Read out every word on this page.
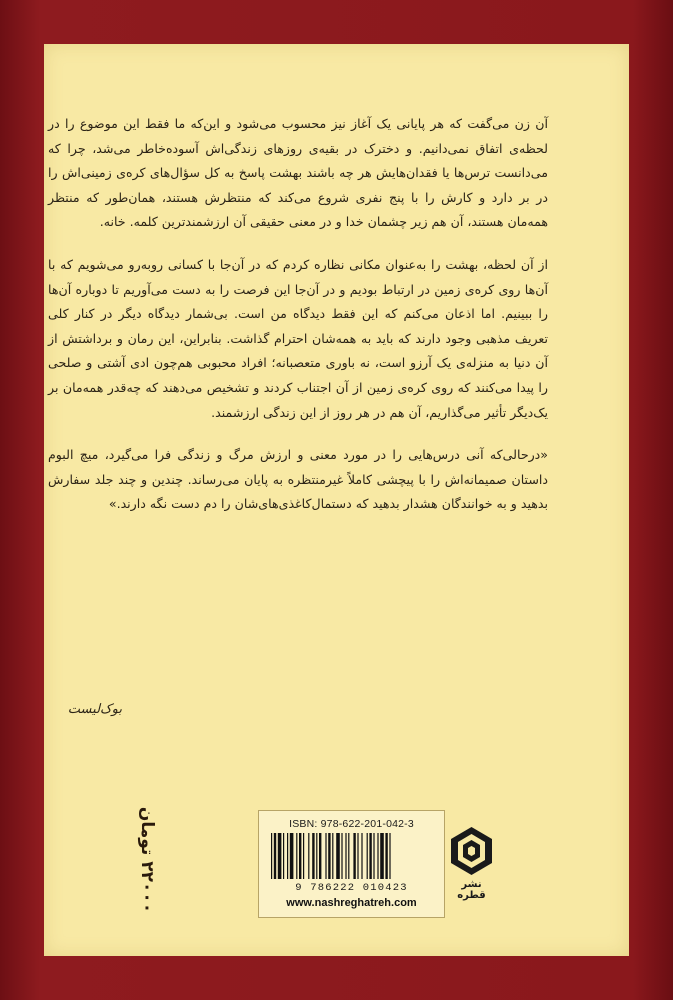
آن زن می‌گفت که هر پایانی یک آغاز نیز محسوب می‌شود و این‌که ما فقط این موضوع را در لحظه‌ی اتفاق نمی‌دانیم. و دخترک در بقیه‌ی روزهای زندگی‌اش آسوده‌خاطر می‌شد، چرا که می‌دانست ترس‌ها یا فقدان‌هایش هر چه باشند بهشت پاسخ به کل سؤال‌های کره‌ی زمینی‌اش را در بر دارد و کارش را با پنج نفری شروع می‌کند که منتظرش هستند، همان‌طور که منتظر همه‌مان هستند، آن هم زیر چشمان خدا و در معنی حقیقی آن ارزشمندترین کلمه. خانه.

از آن لحظه، بهشت را به‌عنوان مکانی نظاره کردم که در آن‌جا با کسانی روبه‌رو می‌شویم که با آن‌ها روی کره‌ی زمین در ارتباط بودیم و در آن‌جا این فرصت را به دست می‌آوریم تا دوباره آن‌ها را ببینیم. اما اذعان می‌کنم که این فقط دیدگاه من است. بی‌شمار دیدگاه دیگر در کنار کلی تعریف مذهبی وجود دارند که باید به همه‌شان احترام گذاشت. بنابراین، این رمان و برداشتش از آن دنیا به منزله‌ی یک آرزو است، نه باوری متعصبانه؛ افراد محبوبی هم‌چون ادی آشتی و صلحی را پیدا می‌کنند که روی کره‌ی زمین از آن اجتناب کردند و تشخیص می‌دهند که چه‌قدر همه‌مان بر یک‌دیگر تأثیر می‌گذاریم، آن هم در هر روز از این زندگی ارزشمند.

«درحالی‌که آنی درس‌هایی را در مورد معنی و ارزش مرگ و زندگی فرا می‌گیرد، میچ البوم داستان صمیمانه‌اش را با پیچشی کاملاً غیرمنتظره به پایان می‌رساند. چندین و چند جلد سفارش بدهید و به خوانندگان هشدار بدهید که دستمال‌کاغذی‌های‌شان را دم دست نگه دارند.»

بوک‌لیست
۲۲۰۰۰ تومان
ISBN: 978-622-201-042-3
9 786222 010423
www.nashreghatreh.com
نشر قطره
